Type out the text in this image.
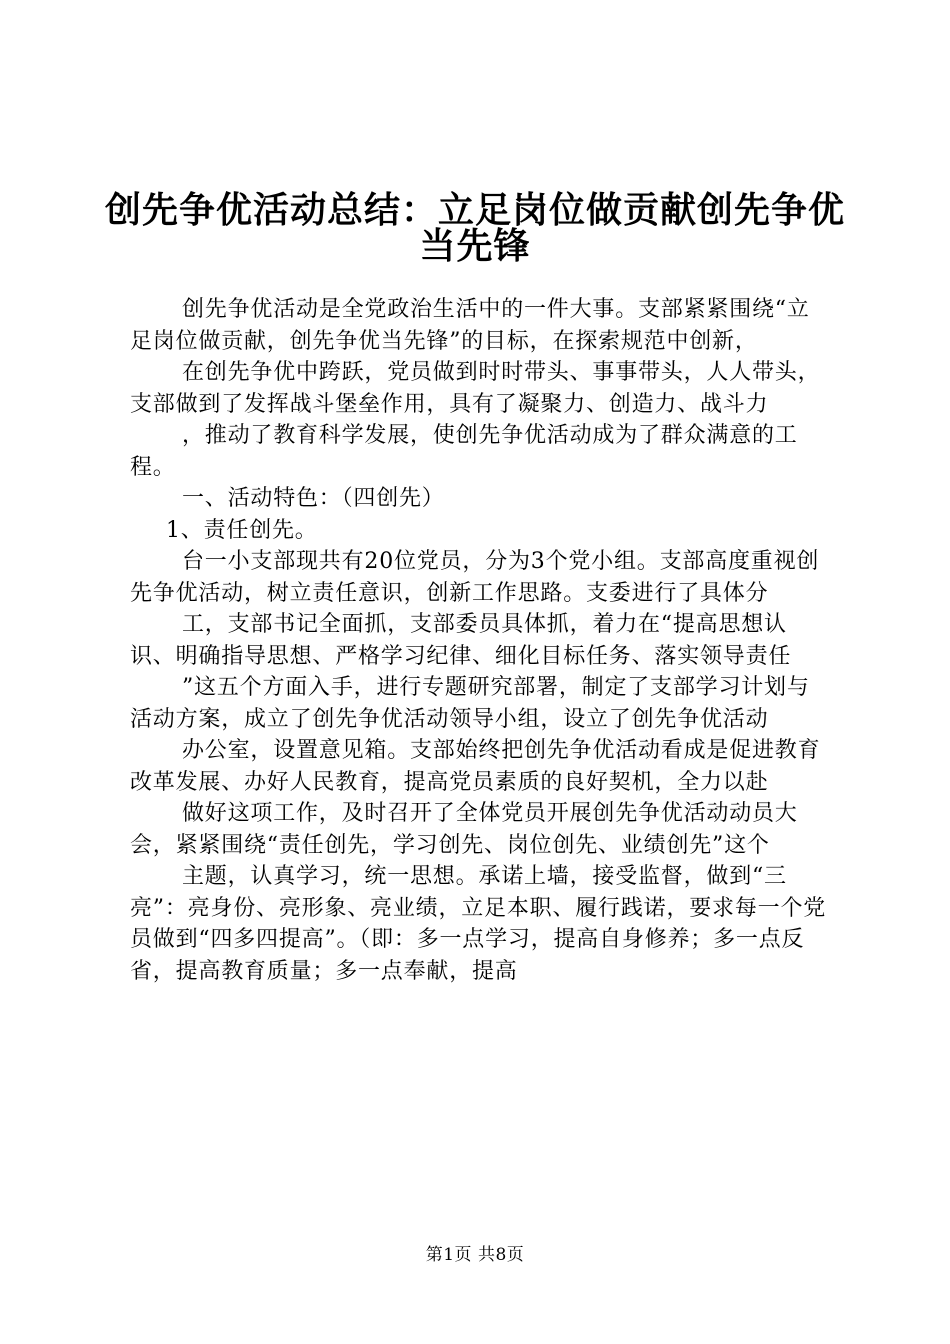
创先争优活动总结：立足岗位做贡献创先争优
当先锋

创先争优活动是全党政治生活中的一件大事。支部紧紧围绕“立足岗位做贡献，创先争优当先锋”的目标，在探索规范中创新，

在创先争优中跨跃，党员做到时时带头、事事带头，人人带头，支部做到了发挥战斗堡垒作用，具有了凝聚力、创造力、战斗力

，推动了教育科学发展，使创先争优活动成为了群众满意的工程。

一、活动特色：（四创先）

1、责任创先。

台一小支部现共有20位党员，分为3个党小组。支部高度重视创先争优活动，树立责任意识，创新工作思路。支委进行了具体分

工，支部书记全面抓，支部委员具体抓，着力在“提高思想认识、明确指导思想、严格学习纪律、细化目标任务、落实领导责任

”这五个方面入手，进行专题研究部署，制定了支部学习计划与活动方案，成立了创先争优活动领导小组，设立了创先争优活动

办公室，设置意见箱。支部始终把创先争优活动看成是促进教育改革发展、办好人民教育，提高党员素质的良好契机，全力以赴

做好这项工作，及时召开了全体党员开展创先争优活动动员大会，紧紧围绕“责任创先，学习创先、岗位创先、业绩创先”这个

主题，认真学习，统一思想。承诺上墙，接受监督，做到“三亮”：亮身份、亮形象、亮业绩，立足本职、履行践诺，要求每一个党员做到“四多四提高”。（即：多一点学习，提高自身修养；多一点反省，提高教育质量；多一点奉献，提高

第1页 共8页
